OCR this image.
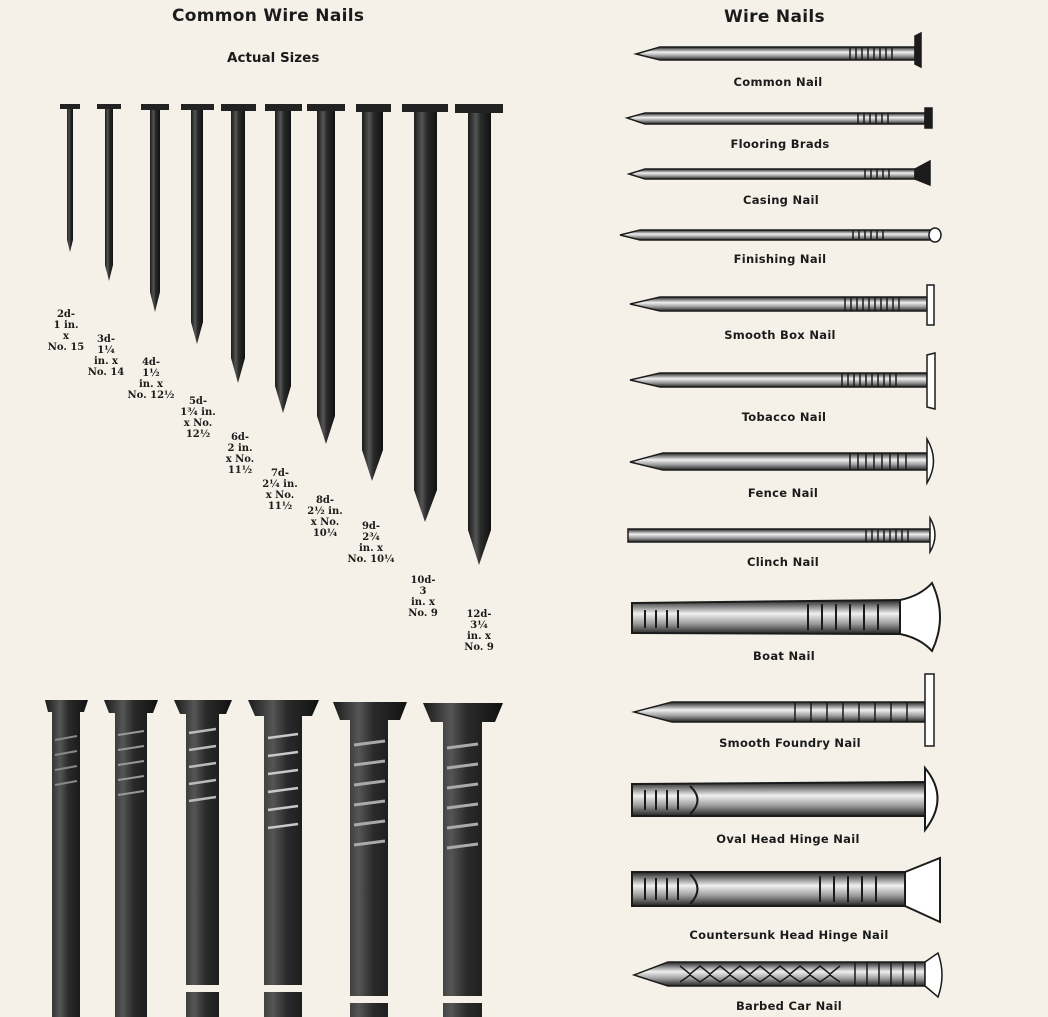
Common Wire Nails
Actual Sizes
Wire Nails

2d-
1 in.
x
No. 15

3d-
1¼
in. x
No. 14

4d-
1½
in. x
No. 12½

5d-
1¾ in.
x No.
12½

	6d-
2 in.
x No.
11½

	7d-
2¼ in.
x No.
11½

8d-
2½ in.
x No.
10¼

9d-
2¾
in. x
No. 10¼

10d-
3
in. x
No. 9

	12d-
3¼
in. x
No. 9

Common Nail
Flooring Brads
Casing Nail
Finishing Nail
Smooth Box Nail
Tobacco Nail
Fence Nail
Clinch Nail
Boat Nail
Smooth Foundry Nail
Oval Head Hinge Nail
Countersunk Head Hinge Nail
Barbed Car Nail
